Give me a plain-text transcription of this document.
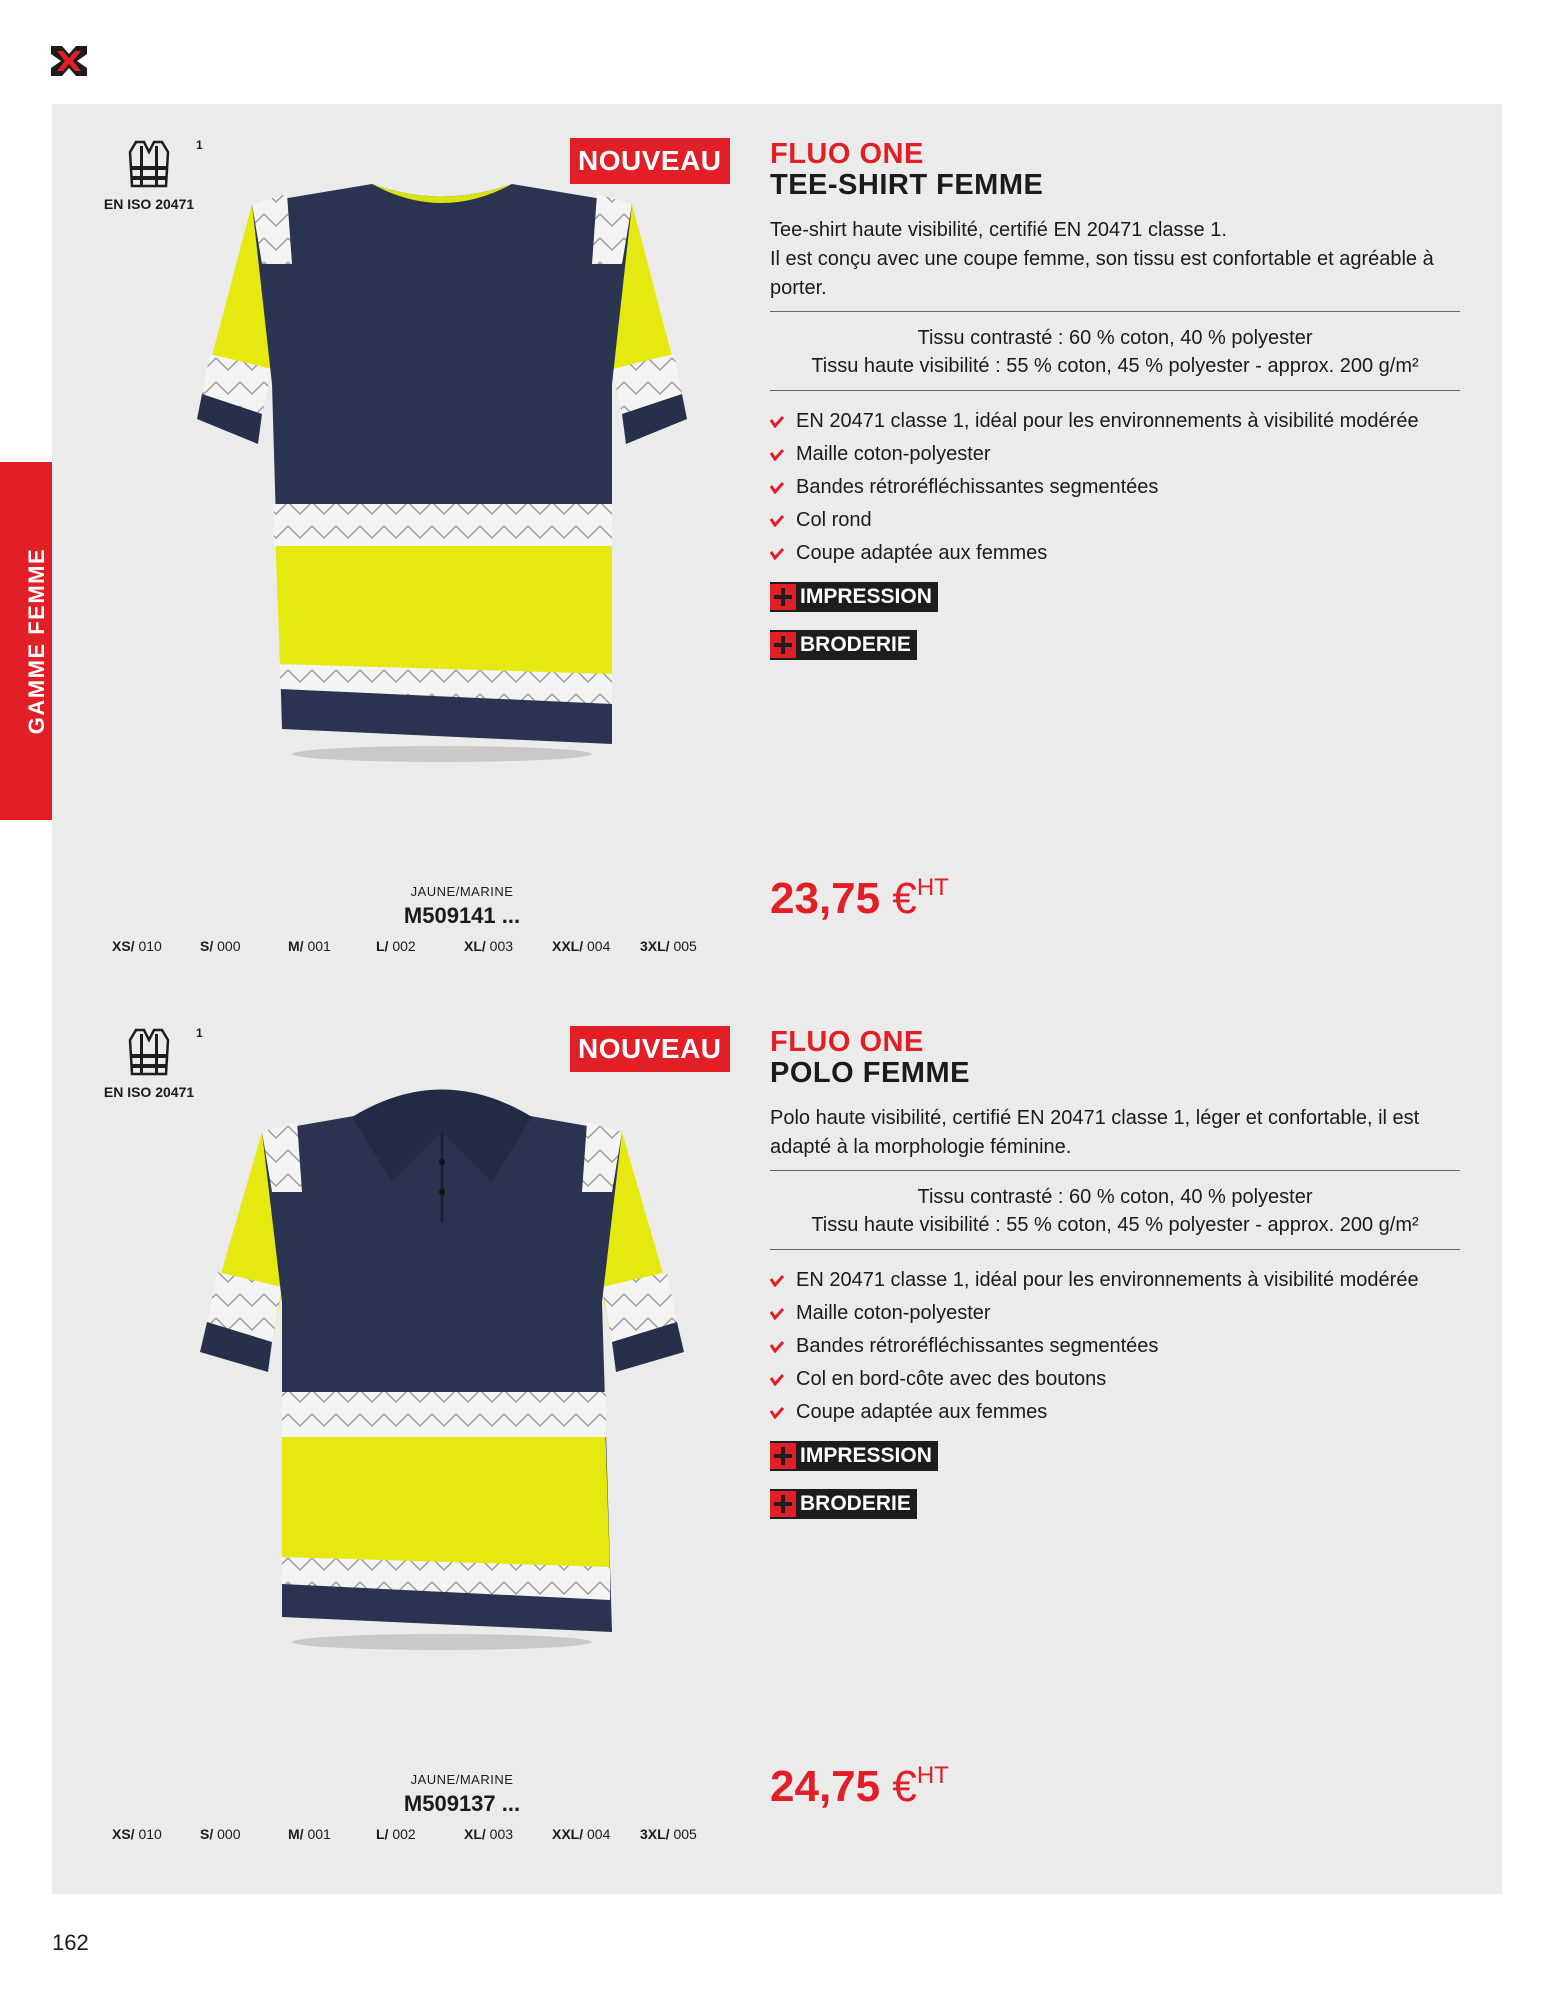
GAMME FEMME
1
EN ISO 20471
NOUVEAU
JAUNE/MARINE
M509141 ...
XS/ 010	S/ 000	M/ 001	L/ 002	XL/ 003	XXL/ 004	3XL/ 005
FLUO ONE
TEE-SHIRT FEMME
Tee-shirt haute visibilité, certifié EN 20471 classe 1.
Il est conçu avec une coupe femme, son tissu est confortable et agréable à porter.
Tissu contrasté : 60 % coton, 40 % polyester
Tissu haute visibilité : 55 % coton, 45 % polyester - approx. 200 g/m²
EN 20471 classe 1, idéal pour les environnements à visibilité modérée
Maille coton-polyester
Bandes rétroréfléchissantes segmentées
Col rond
Coupe adaptée aux femmes
IMPRESSION
BRODERIE
23,75 €$^{HT}$
1
EN ISO 20471
NOUVEAU
JAUNE/MARINE
M509137 ...
XS/ 010	S/ 000	M/ 001	L/ 002	XL/ 003	XXL/ 004	3XL/ 005
FLUO ONE
POLO FEMME
Polo haute visibilité, certifié EN 20471 classe 1, léger et confortable, il est adapté à la morphologie féminine.
Tissu contrasté : 60 % coton, 40 % polyester
Tissu haute visibilité : 55 % coton, 45 % polyester - approx. 200 g/m²
EN 20471 classe 1, idéal pour les environnements à visibilité modérée
Maille coton-polyester
Bandes rétroréfléchissantes segmentées
Col en bord-côte avec des boutons
Coupe adaptée aux femmes
IMPRESSION
BRODERIE
24,75 €$^{HT}$
162
